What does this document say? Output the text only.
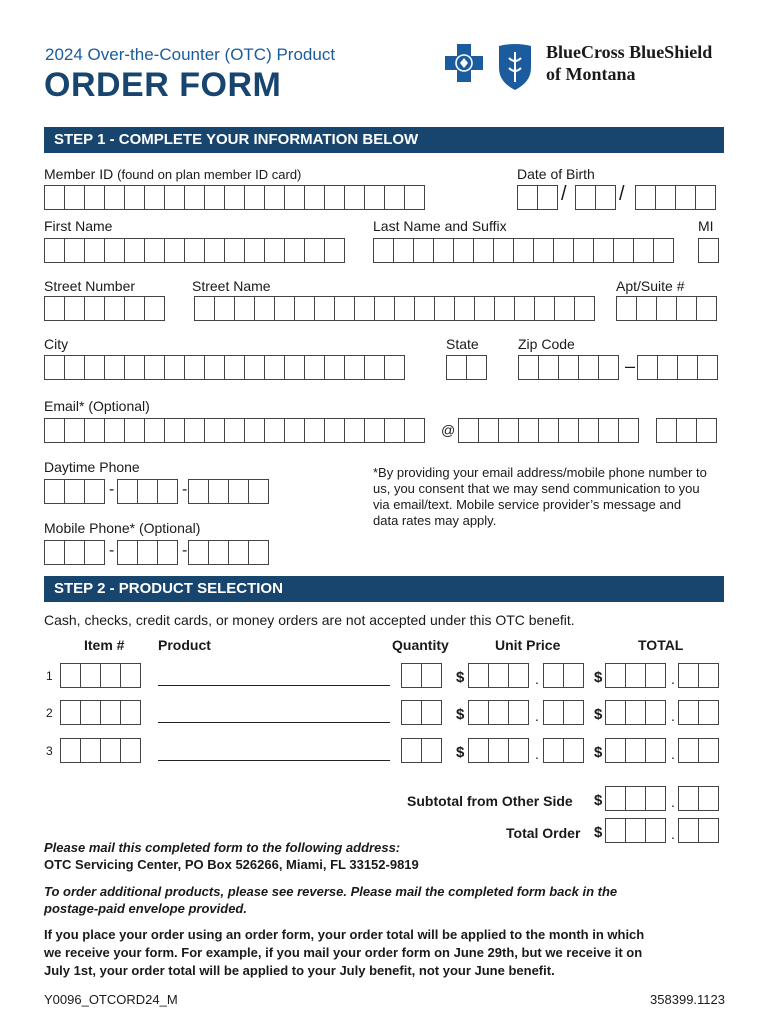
2024 Over-the-Counter (OTC) Product
ORDER FORM
BlueCross BlueShield
of Montana
STEP 1 - COMPLETE YOUR INFORMATION BELOW
Member ID (found on plan member ID card)	Date of Birth
/	/
First Name	Last Name and Suffix	MI
Street Number	Street Name	Apt/Suite #
City	State	Zip Code
–
Email* (Optional)
@
Daytime Phone
-	-
*By providing your email address/mobile phone number to
us, you consent that we may send communication to you
via email/text. Mobile service provider’s message and
data rates may apply.
Mobile Phone* (Optional)
-	-
STEP 2 - PRODUCT SELECTION
Cash, checks, credit cards, or money orders are not accepted under this OTC benefit.
Item # Product	Quantity	Unit Price	TOTAL
1	$	.	$	.
2	$	.	$	.
3	$	.	$	.
Subtotal from Other Side $	.
Total Order $	.
Please mail this completed form to the following address:
OTC Servicing Center, PO Box 526266, Miami, FL 33152-9819
To order additional products, please see reverse. Please mail the completed form back in the
postage-paid envelope provided.
If you place your order using an order form, your order total will be applied to the month in which
we receive your form. For example, if you mail your order form on June 29th, but we receive it on
July 1st, your order total will be applied to your July benefit, not your June benefit.
Y0096_OTCORD24_M	358399.1123
